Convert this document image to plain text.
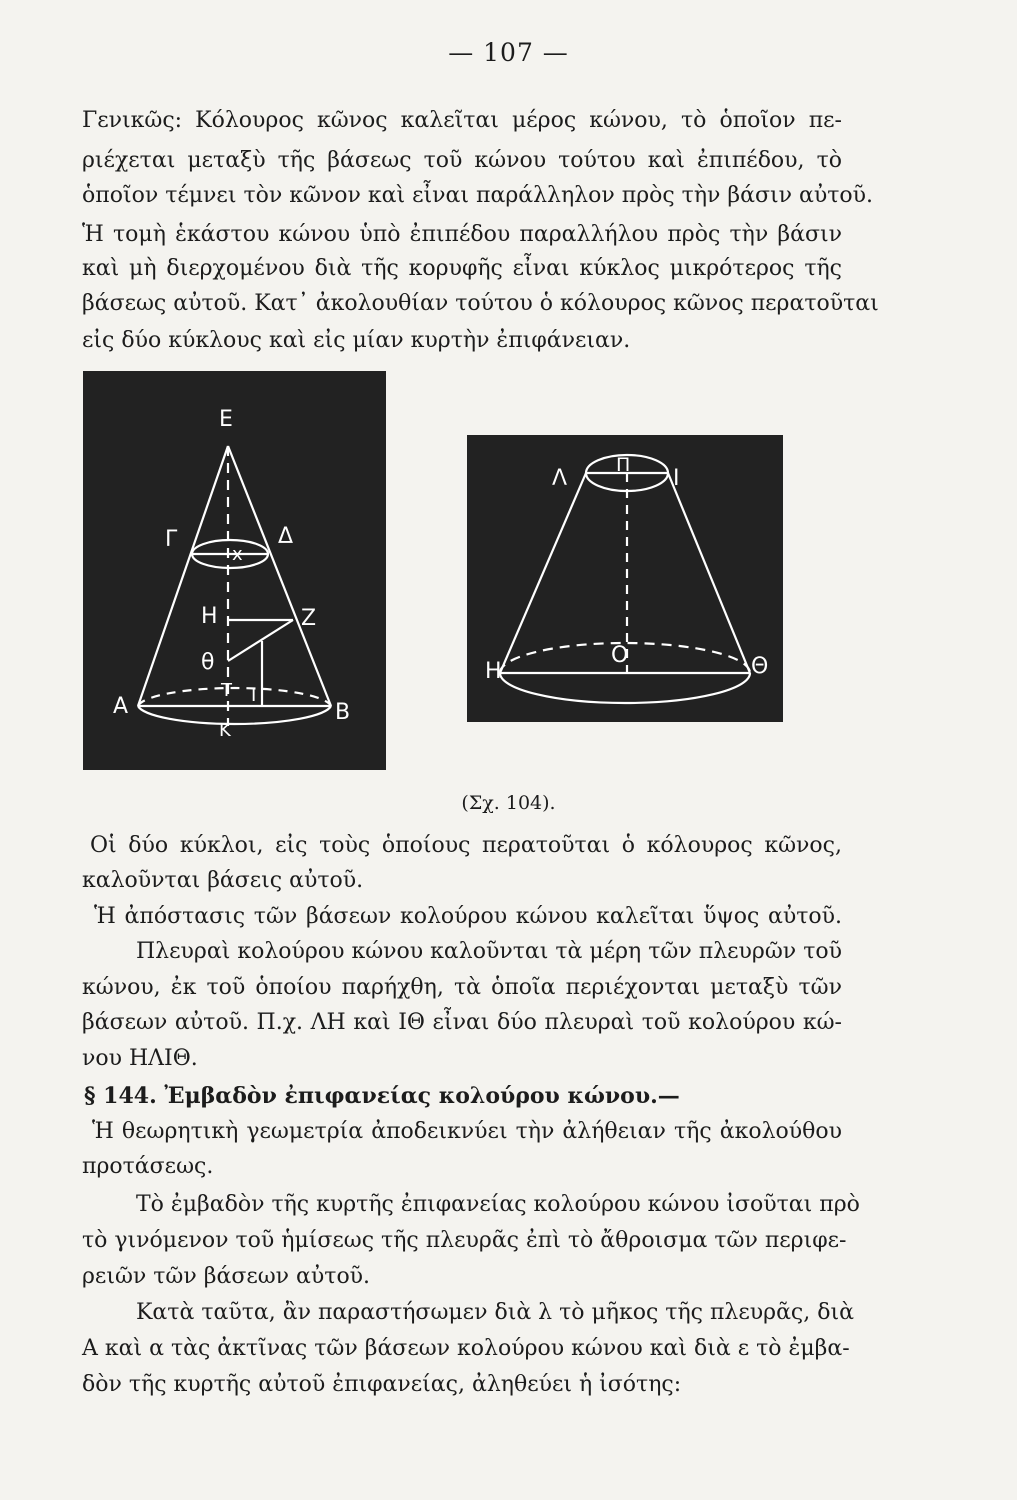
— 107 —
Γενικῶς: Κόλουρος κῶνος καλεῖται μέρος κώνου, τὸ ὁποῖον πε-
ριέχεται μεταξὺ τῆς βάσεως τοῦ κώνου τούτου καὶ ἐπιπέδου, τὸ
ὁποῖον τέμνει τὸν κῶνον καὶ εἶναι παράλληλον πρὸς τὴν βάσιν αὐτοῦ.
Ἡ τομὴ ἑκάστου κώνου ὑπὸ ἐπιπέδου παραλλήλου πρὸς τὴν βάσιν
καὶ μὴ διερχομένου διὰ τῆς κορυφῆς εἶναι κύκλος μικρότερος τῆς
βάσεως αὐτοῦ. Κατ᾽ ἀκολουθίαν τούτου ὁ κόλουρος κῶνος περατοῦται
εἰς δύο κύκλους καὶ εἰς μίαν κυρτὴν ἐπιφάνειαν.
E
Γ	Δ
x
H	Z
θ
T I
A	B
K
Λ
Π
I
O
H	Θ
(Σχ. 104).
Οἱ δύο κύκλοι, εἰς τοὺς ὁποίους περατοῦται ὁ κόλουρος κῶνος,
καλοῦνται βάσεις αὐτοῦ.
Ἡ ἀπόστασις τῶν βάσεων κολούρου κώνου καλεῖται ὕψος αὐτοῦ.
Πλευραὶ κολούρου κώνου καλοῦνται τὰ μέρη τῶν πλευρῶν τοῦ
κώνου, ἐκ τοῦ ὁποίου παρήχθη, τὰ ὁποῖα περιέχονται μεταξὺ τῶν
βάσεων αὐτοῦ. Π.χ. ΛΗ καὶ ΙΘ εἶναι δύο πλευραὶ τοῦ κολούρου κώ-
νου ΗΛΙΘ.
§ 144. Ἐμβαδὸν ἐπιφανείας κολούρου κώνου.—
Ἡ θεωρητικὴ γεωμετρία ἀποδεικνύει τὴν ἀλήθειαν τῆς ἀκολούθου
προτάσεως.
Τὸ ἐμβαδὸν τῆς κυρτῆς ἐπιφανείας κολούρου κώνου ἰσοῦται πρὸ
τὸ γινόμενον τοῦ ἡμίσεως τῆς πλευρᾶς ἐπὶ τὸ ἄθροισμα τῶν περιφε-
ρειῶν τῶν βάσεων αὐτοῦ.
Κατὰ ταῦτα, ἂν παραστήσωμεν διὰ λ τὸ μῆκος τῆς πλευρᾶς, διὰ
Α καὶ α τὰς ἀκτῖνας τῶν βάσεων κολούρου κώνου καὶ διὰ ε τὸ ἐμβα-
δὸν τῆς κυρτῆς αὐτοῦ ἐπιφανείας, ἀληθεύει ἡ ἰσότης:
